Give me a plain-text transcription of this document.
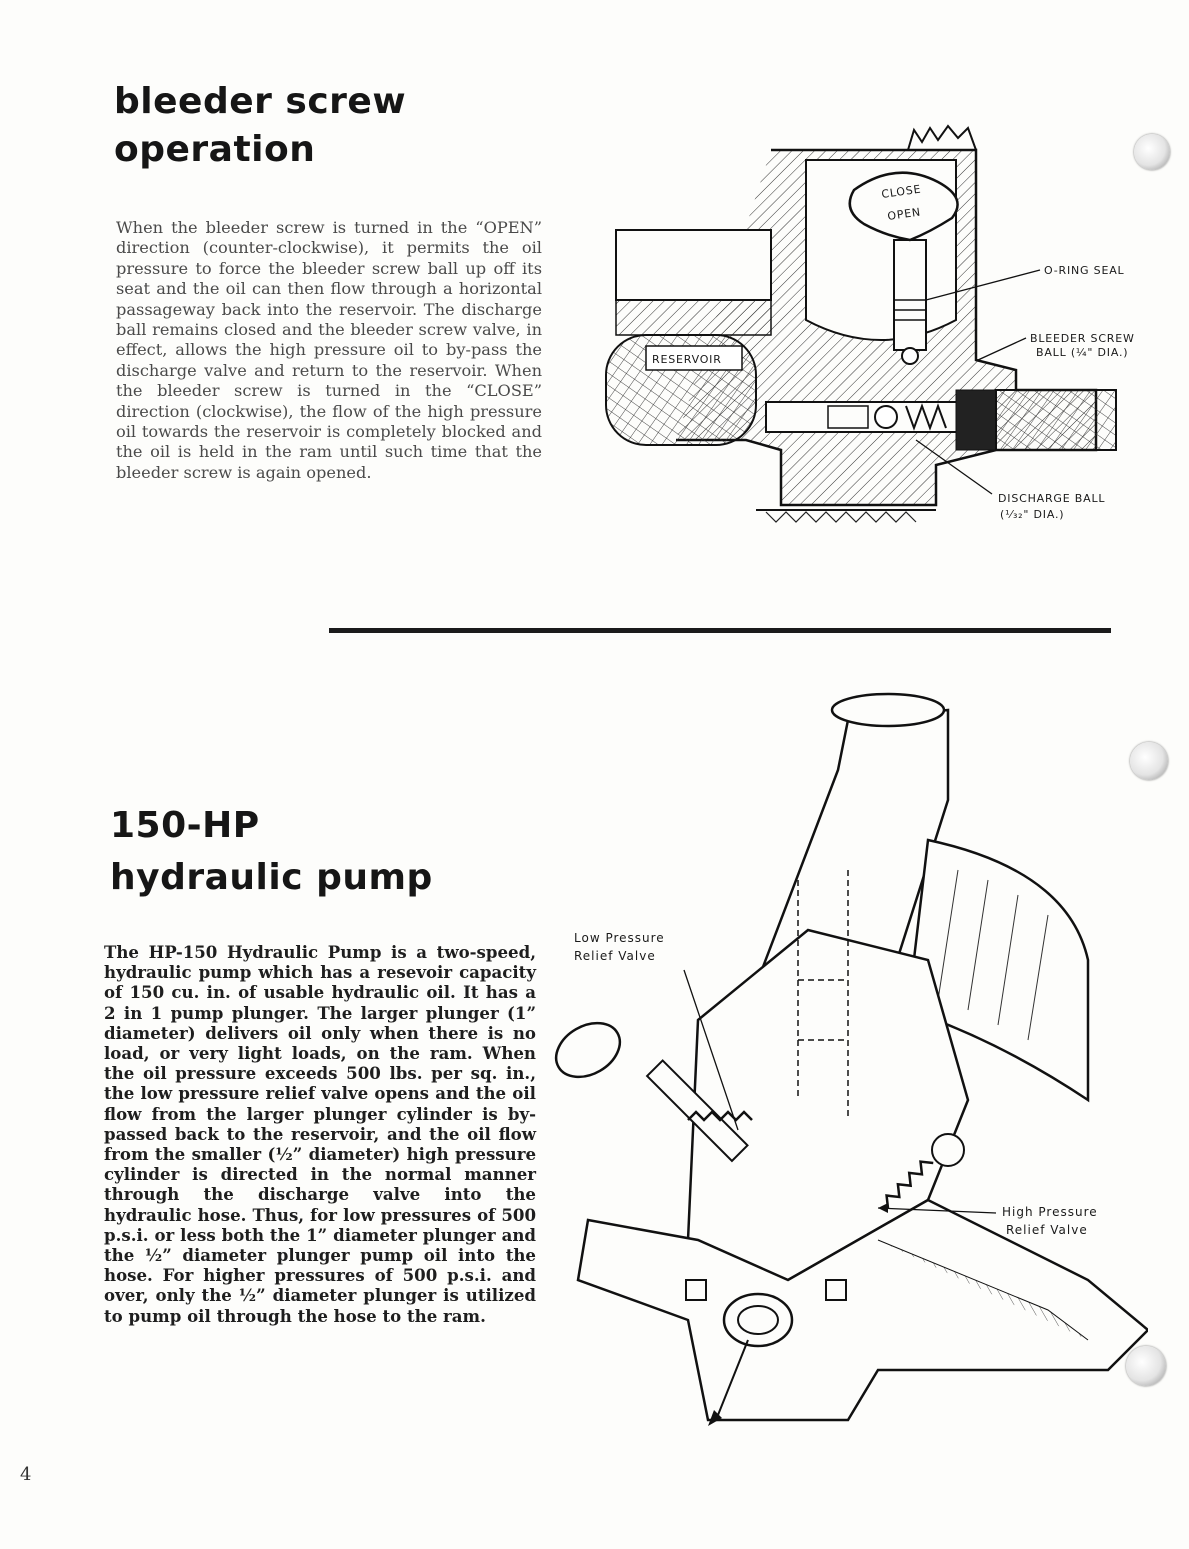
bleeder screw
operation

When the bleeder screw is turned in the “OPEN” direction (counter-clockwise), it permits the oil pressure to force the bleeder screw ball up off its seat and the oil can then flow through a horizontal passageway back into the reservoir. The discharge ball remains closed and the bleeder screw valve, in effect, allows the high pressure oil to by-pass the discharge valve and return to the reservoir. When the bleeder screw is turned in the “CLOSE” direction (clockwise), the flow of the high pressure oil towards the reservoir is completely blocked and the oil is held in the ram until such time that the bleeder screw is again opened.

RESERVOIR
CLOSE
OPEN
O-RING SEAL
BLEEDER SCREW
BALL (¼" DIA.)
DISCHARGE BALL
(¹⁄₃₂" DIA.)
150-HP
hydraulic pump

The HP-150 Hydraulic Pump is a two-speed, hydraulic pump which has a resevoir capacity of 150 cu. in. of usable hydraulic oil. It has a 2 in 1 pump plunger. The larger plunger (1” diameter) delivers oil only when there is no load, or very light loads, on the ram. When the oil pressure exceeds 500 lbs. per sq. in., the low pressure relief valve opens and the oil flow from the larger plunger cylinder is by-passed back to the reservoir, and the oil flow from the smaller (½” diameter) high pressure cylinder is directed in the normal manner through the discharge valve into the hydraulic hose. Thus, for low pressures of 500 p.s.i. or less both the 1” diameter plunger and the ½” diameter plunger pump oil into the hose. For higher pressures of 500 p.s.i. and over, only the ½” diameter plunger is utilized to pump oil through the hose to the ram.

Low Pressure
Relief Valve
High Pressure
Relief Valve
4
